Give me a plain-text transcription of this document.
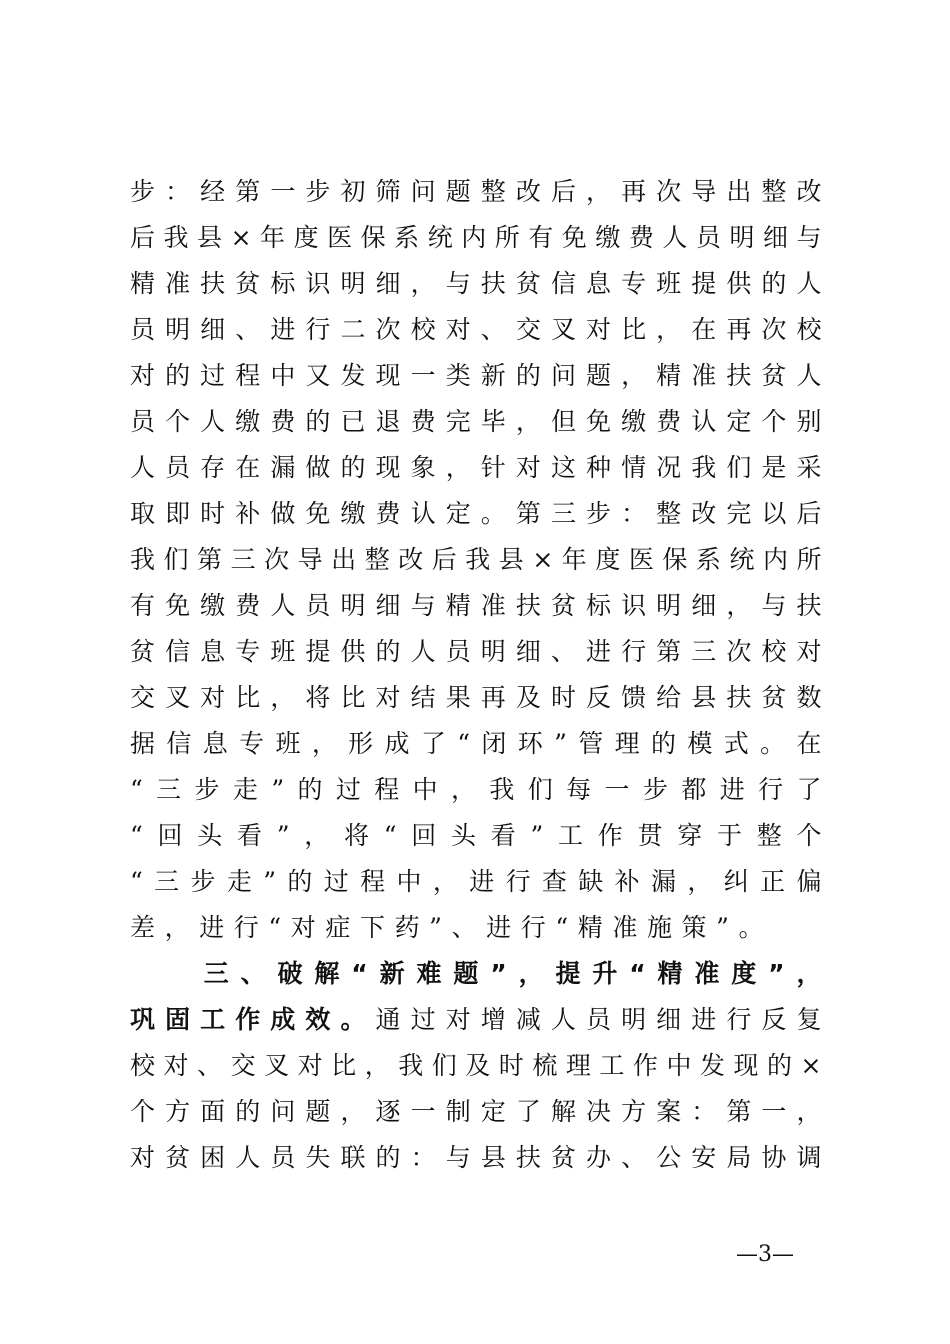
步：经第一步初筛问题整改后，再次导出整改
后我县×年度医保系统内所有免缴费人员明细与
精准扶贫标识明细，与扶贫信息专班提供的人
员明细、进行二次校对、交叉对比，在再次校
对的过程中又发现一类新的问题，精准扶贫人
员个人缴费的已退费完毕，但免缴费认定个别
人员存在漏做的现象，针对这种情况我们是采
取即时补做免缴费认定。第三步：整改完以后
我们第三次导出整改后我县×年度医保系统内所
有免缴费人员明细与精准扶贫标识明细，与扶
贫信息专班提供的人员明细、进行第三次校对
交叉对比，将比对结果再及时反馈给县扶贫数
据信息专班，形成了“闭环”管理的模式。在
“三步走”的过程中，我们每一步都进行了
“回头看”，将“回头看”工作贯穿于整个
“三步走”的过程中，进行查缺补漏，纠正偏
差，进行“对症下药”、进行“精准施策”。
　　三、破解“新难题”，提升“精准度”，
巩固工作成效。通过对增减人员明细进行反复
校对、交叉对比，我们及时梳理工作中发现的×
个方面的问题，逐一制定了解决方案：第一，
对贫困人员失联的：与县扶贫办、公安局协调
—3—
